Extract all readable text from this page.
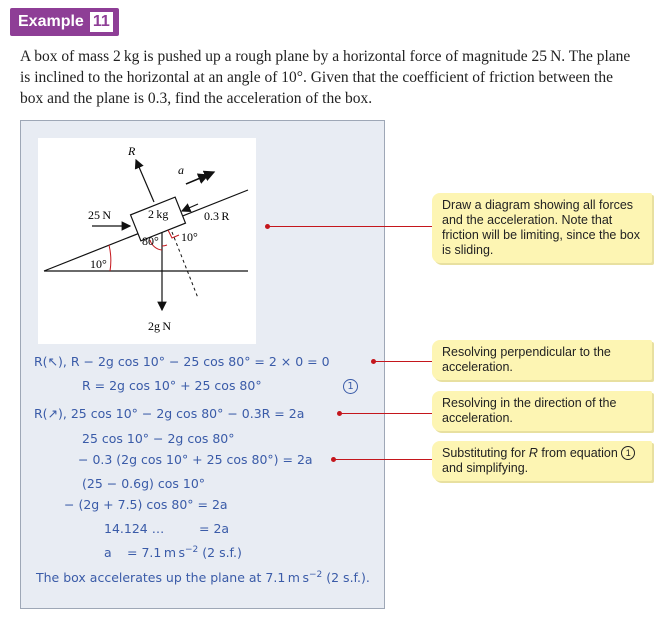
Example 11

A box of mass 2 kg is pushed up a rough plane by a horizontal force of magnitude 25 N. The plane is inclined to the horizontal at an angle of 10°. Given that the coefficient of friction between the box and the plane is 0.3, find the acceleration of the box.

10°
2 kg
R
a
25 N	0.3 R
2g N
80° 10°
R(↖), R − 2g cos 10° − 25 cos 80° = 2 × 0 = 0
R = 2g cos 10° + 25 cos 80°	1
R(↗), 25 cos 10° − 2g cos 80° − 0.3R = 2a
25 cos 10° − 2g cos 80°
− 0.3 (2g cos 10° + 25 cos 80°) = 2a
(25 − 0.6g) cos 10°
− (2g + 7.5) cos 80° = 2a
14.124 …	= 2a
a = 7.1 m $s^{-2}$ (2 s.f.)
The box accelerates up the plane at 7.1 m $s^{-2}$ (2 s.f.).
Draw a diagram showing all forces and the acceleration. Note that friction will be limiting, since the box is sliding.
Resolving perpendicular to the acceleration.
Resolving in the direction of the acceleration.
Substituting for R from equation 1 and simplifying.
